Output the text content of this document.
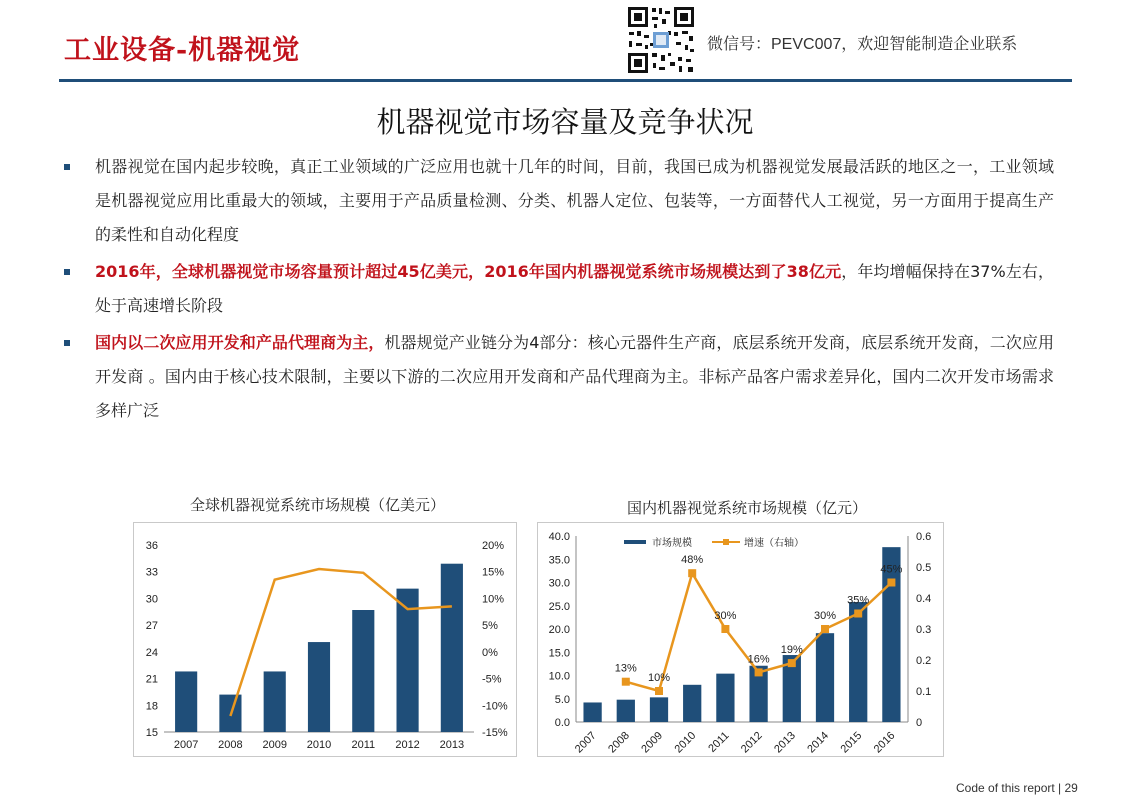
工业设备-机器视觉	微信号：PEVC007，欢迎智能制造企业联系
机器视觉市场容量及竞争状况
机器视觉在国内起步较晚，真正工业领域的广泛应用也就十几年的时间，目前，我国已成为机器视觉发展最活跃的地区之一，工业领域是机器视觉应用比重最大的领域，主要用于产品质量检测、分类、机器人定位、包装等，一方面替代人工视觉，另一方面用于提高生产的柔性和自动化程度
2016年，全球机器视觉市场容量预计超过45亿美元，2016年国内机器视觉系统市场规模达到了38亿元，年均增幅保持在37%左右，处于高速增长阶段
国内以二次应用开发和产品代理商为主，机器规觉产业链分为4部分：核心元器件生产商，底层系统开发商，底层系统开发商，二次应用开发商 。国内由于核心技术限制，主要以下游的二次应用开发商和产品代理商为主。非标产品客户需求差异化，国内二次开发市场需求多样广泛
全球机器视觉系统市场规模（亿美元）
36
33
30
27
24
21
18
15
20%
15%
10%
5%
0%
-5%
-10%
-15%
2007 2008 2009 2010 2011 2012 2013
国内机器视觉系统市场规模（亿元）
40.0
35.0
30.0
25.0
20.0
15.0
10.0
5.0
0.0
0.6
0.5
0.4
0.3
0.2
0.1
0
2007 2008 2009 2010 2011 2012 2013 2014 2015 2016
13%
10%
48%
30%
16%
19%
30%
35%
45%
市场规模	增速（右轴）
Code of this report | 29
